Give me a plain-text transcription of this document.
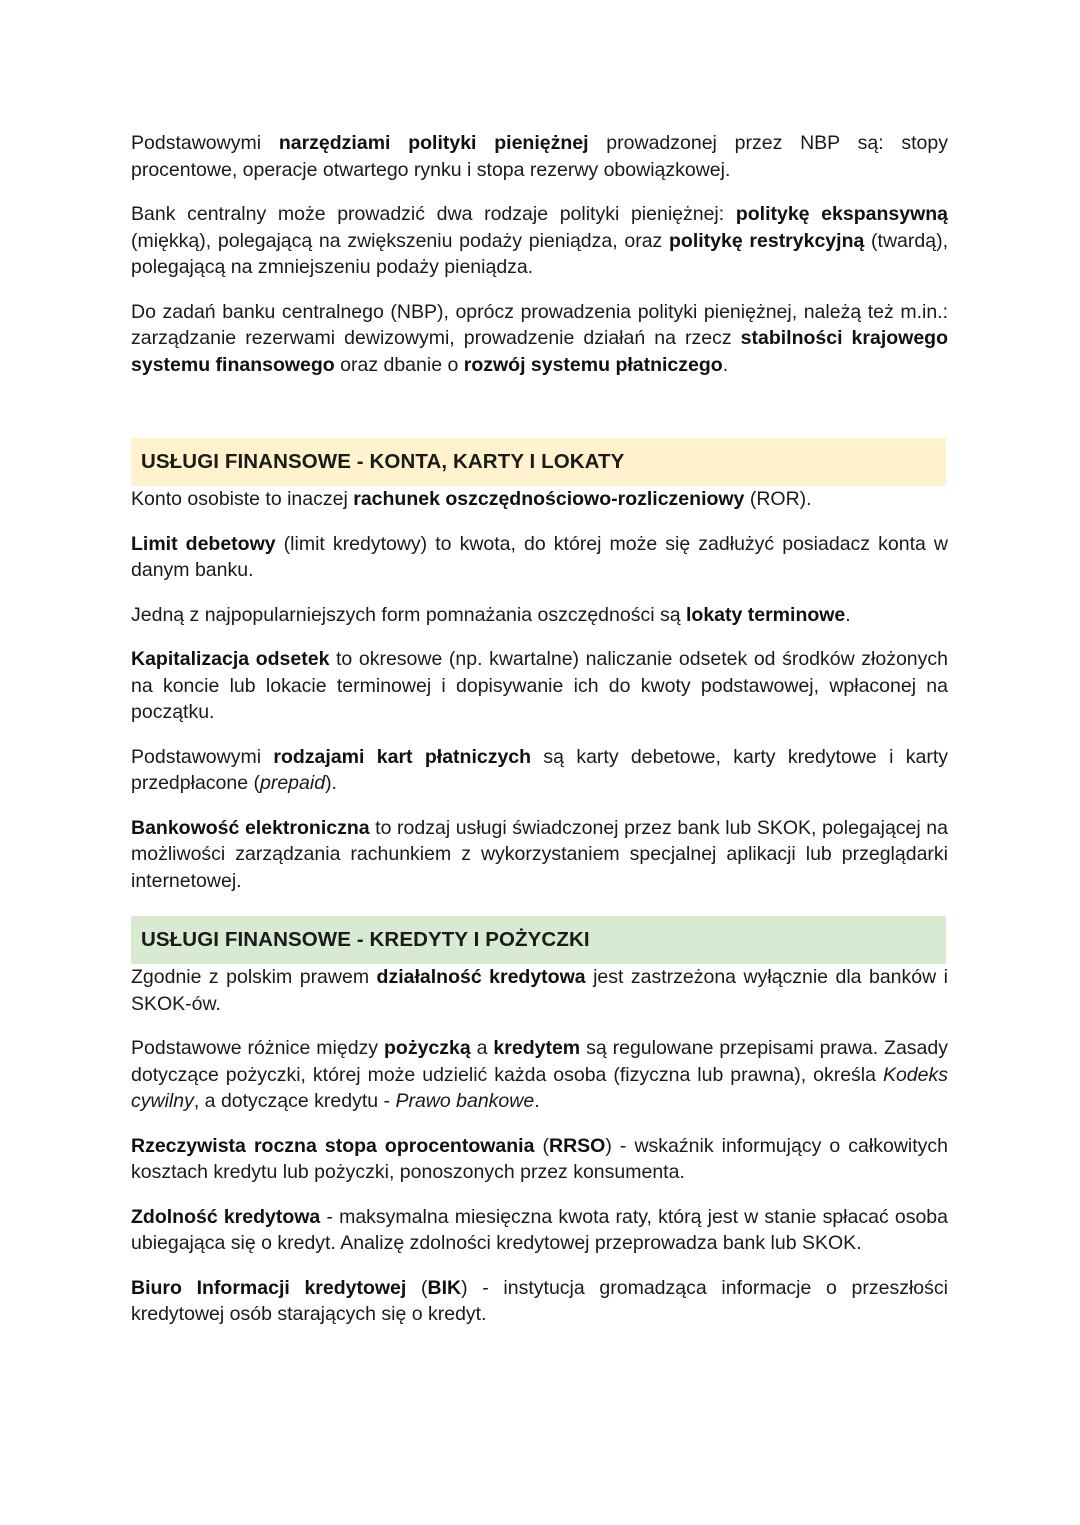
Podstawowymi narzędziami polityki pieniężnej prowadzonej przez NBP są: stopy procentowe, operacje otwartego rynku i stopa rezerwy obowiązkowej.

Bank centralny może prowadzić dwa rodzaje polityki pieniężnej: politykę ekspansywną (miękką), polegającą na zwiększeniu podaży pieniądza, oraz politykę restrykcyjną (twardą), polegającą na zmniejszeniu podaży pieniądza.

Do zadań banku centralnego (NBP), oprócz prowadzenia polityki pieniężnej, należą też m.in.: zarządzanie rezerwami dewizowymi, prowadzenie działań na rzecz stabilności krajowego systemu finansowego oraz dbanie o rozwój systemu płatniczego.

USŁUGI FINANSOWE - KONTA, KARTY I LOKATY

Konto osobiste to inaczej rachunek oszczędnościowo-rozliczeniowy (ROR).

Limit debetowy (limit kredytowy) to kwota, do której może się zadłużyć posiadacz konta w danym banku.

Jedną z najpopularniejszych form pomnażania oszczędności są lokaty terminowe.

Kapitalizacja odsetek to okresowe (np. kwartalne) naliczanie odsetek od środków złożonych na koncie lub lokacie terminowej i dopisywanie ich do kwoty podstawowej, wpłaconej na początku.

Podstawowymi rodzajami kart płatniczych są karty debetowe, karty kredytowe i karty przedpłacone (prepaid).

Bankowość elektroniczna to rodzaj usługi świadczonej przez bank lub SKOK, polegającej na możliwości zarządzania rachunkiem z wykorzystaniem specjalnej aplikacji lub przeglądarki internetowej.

USŁUGI FINANSOWE - KREDYTY I POŻYCZKI

Zgodnie z polskim prawem działalność kredytowa jest zastrzeżona wyłącznie dla banków i SKOK-ów.

Podstawowe różnice między pożyczką a kredytem są regulowane przepisami prawa. Zasady dotyczące pożyczki, której może udzielić każda osoba (fizyczna lub prawna), określa Kodeks cywilny, a dotyczące kredytu - Prawo bankowe.

Rzeczywista roczna stopa oprocentowania (RRSO) - wskaźnik informujący o całkowitych kosztach kredytu lub pożyczki, ponoszonych przez konsumenta.

Zdolność kredytowa - maksymalna miesięczna kwota raty, którą jest w stanie spłacać osoba ubiegająca się o kredyt. Analizę zdolności kredytowej przeprowadza bank lub SKOK.

Biuro Informacji kredytowej (BIK) - instytucja gromadząca informacje o przeszłości kredytowej osób starających się o kredyt.
